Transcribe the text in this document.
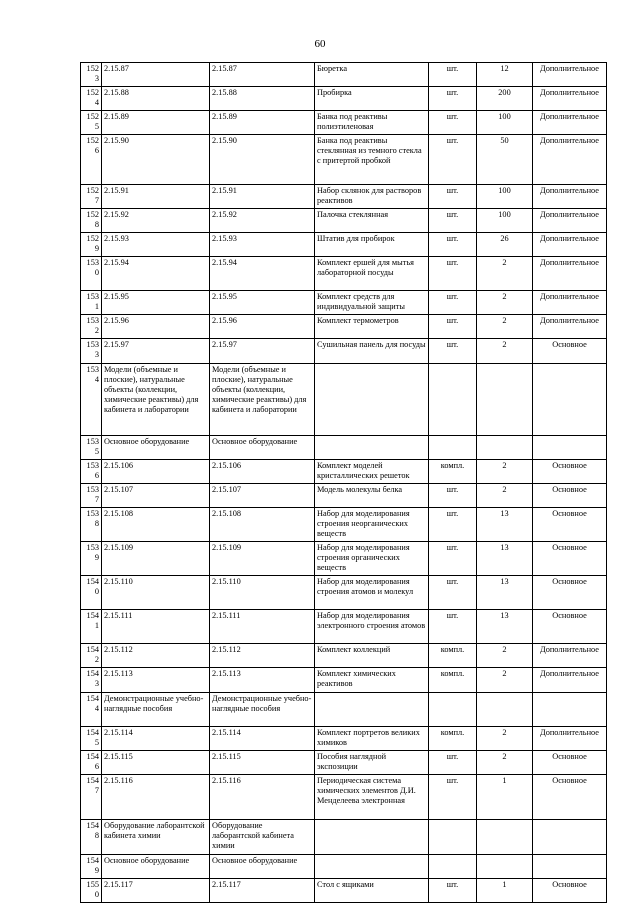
60
1523	2.15.87	2.15.87	Бюретка	шт.	12	Дополнительное
1524	2.15.88	2.15.88	Пробирка	шт.	200	Дополнительное
1525	2.15.89	2.15.89	Банка под реактивы полиэтиленовая	шт.	100	Дополнительное
1526	2.15.90	2.15.90	Банка под реактивы стеклянная из темного стекла с притертой пробкой	шт.	50	Дополнительное
1527	2.15.91	2.15.91	Набор склянок для растворов реактивов	шт.	100	Дополнительное
1528	2.15.92	2.15.92	Палочка стеклянная	шт.	100	Дополнительное
1529	2.15.93	2.15.93	Штатив для пробирок	шт.	26	Дополнительное
1530	2.15.94	2.15.94	Комплект ершей для мытья лабораторной посуды	шт.	2	Дополнительное
1531	2.15.95	2.15.95	Комплект средств для индивидуальной защиты	шт.	2	Дополнительное
1532	2.15.96	2.15.96	Комплект термометров	шт.	2	Дополнительное
1533	2.15.97	2.15.97	Сушильная панель для посуды	шт.	2	Основное
1534	Модели (объемные и плоские), натуральные объекты (коллекции, химические реактивы) для кабинета и лаборатории	Модели (объемные и плоские), натуральные объекты (коллекции, химические реактивы) для кабинета и лаборатории				
1535	Основное оборудование	Основное оборудование				
1536	2.15.106	2.15.106	Комплект моделей кристаллических решеток	компл.	2	Основное
1537	2.15.107	2.15.107	Модель молекулы белка	шт.	2	Основное
1538	2.15.108	2.15.108	Набор для моделирования строения неорганических веществ	шт.	13	Основное
1539	2.15.109	2.15.109	Набор для моделирования строения органических веществ	шт.	13	Основное
1540	2.15.110	2.15.110	Набор для моделирования строения атомов и молекул	шт.	13	Основное
1541	2.15.111	2.15.111	Набор для моделирования электронного строения атомов	шт.	13	Основное
1542	2.15.112	2.15.112	Комплект коллекций	компл.	2	Дополнительное
1543	2.15.113	2.15.113	Комплект химических реактивов	компл.	2	Дополнительное
1544	Демонстрационные учебно-наглядные пособия	Демонстрационные учебно-наглядные пособия				
1545	2.15.114	2.15.114	Комплект портретов великих химиков	компл.	2	Дополнительное
1546	2.15.115	2.15.115	Пособия наглядной экспозиции	шт.	2	Основное
1547	2.15.116	2.15.116	Периодическая система химических элементов Д.И. Менделеева электронная	шт.	1	Основное
1548	Оборудование лаборантской кабинета химии	Оборудование лаборантской кабинета химии				
1549	Основное оборудование	Основное оборудование				
1550	2.15.117	2.15.117	Стол с ящиками	шт.	1	Основное
